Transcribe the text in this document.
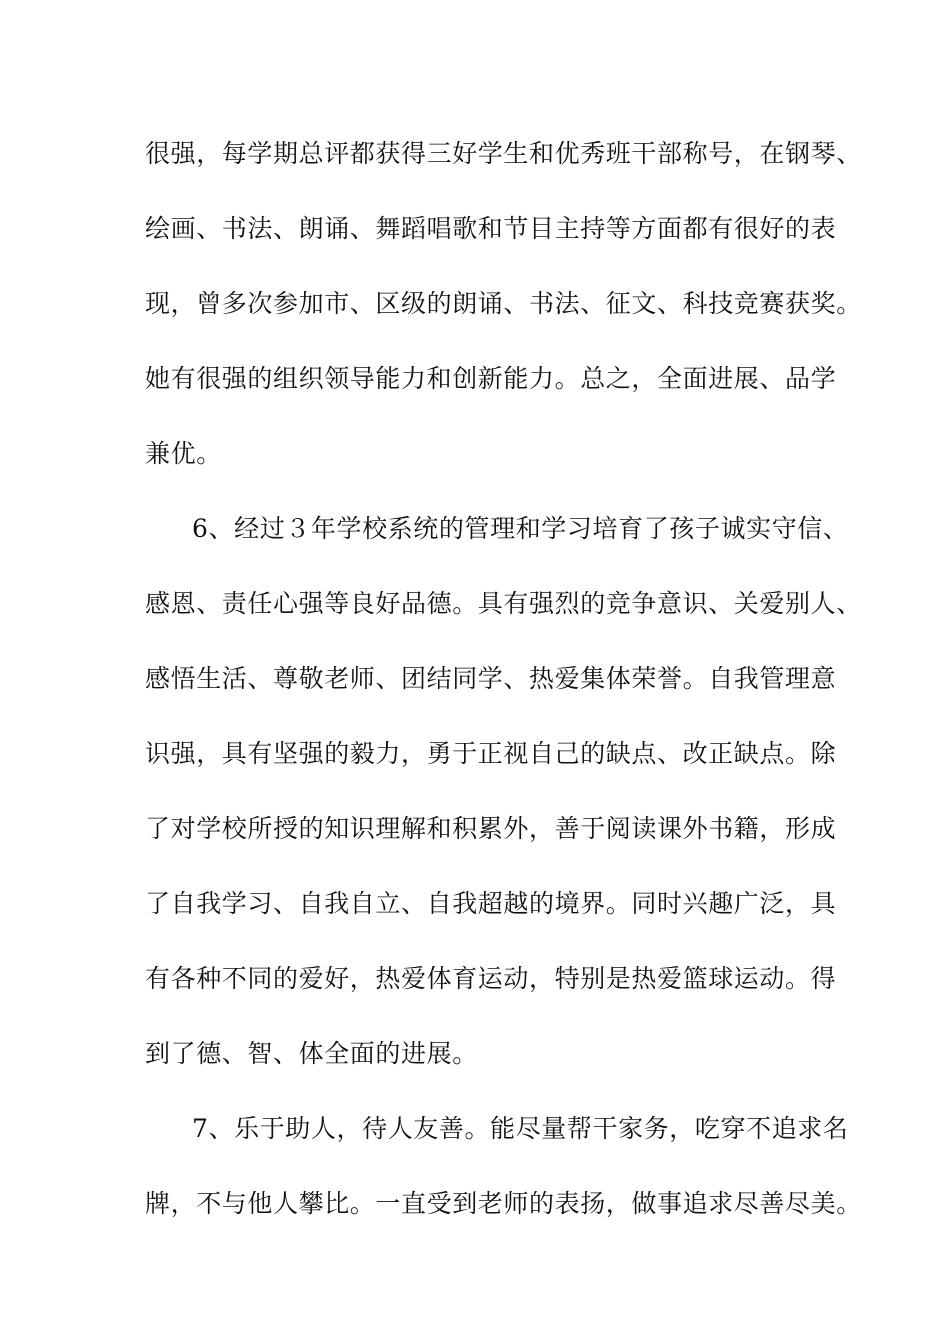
很强，每学期总评都获得三好学生和优秀班干部称号，在钢琴、
绘画、书法、朗诵、舞蹈唱歌和节目主持等方面都有很好的表
现，曾多次参加市、区级的朗诵、书法、征文、科技竞赛获奖。
她有很强的组织领导能力和创新能力。总之，全面进展、品学
兼优。
6、经过３年学校系统的管理和学习培育了孩子诚实守信、
感恩、责任心强等良好品德。具有强烈的竞争意识、关爱别人、
感悟生活、尊敬老师、团结同学、热爱集体荣誉。自我管理意
识强，具有坚强的毅力，勇于正视自己的缺点、改正缺点。除
了对学校所授的知识理解和积累外，善于阅读课外书籍，形成
了自我学习、自我自立、自我超越的境界。同时兴趣广泛，具
有各种不同的爱好，热爱体育运动，特别是热爱篮球运动。得
到了德、智、体全面的进展。
7、乐于助人，待人友善。能尽量帮干家务，吃穿不追求名
牌，不与他人攀比。一直受到老师的表扬，做事追求尽善尽美。
